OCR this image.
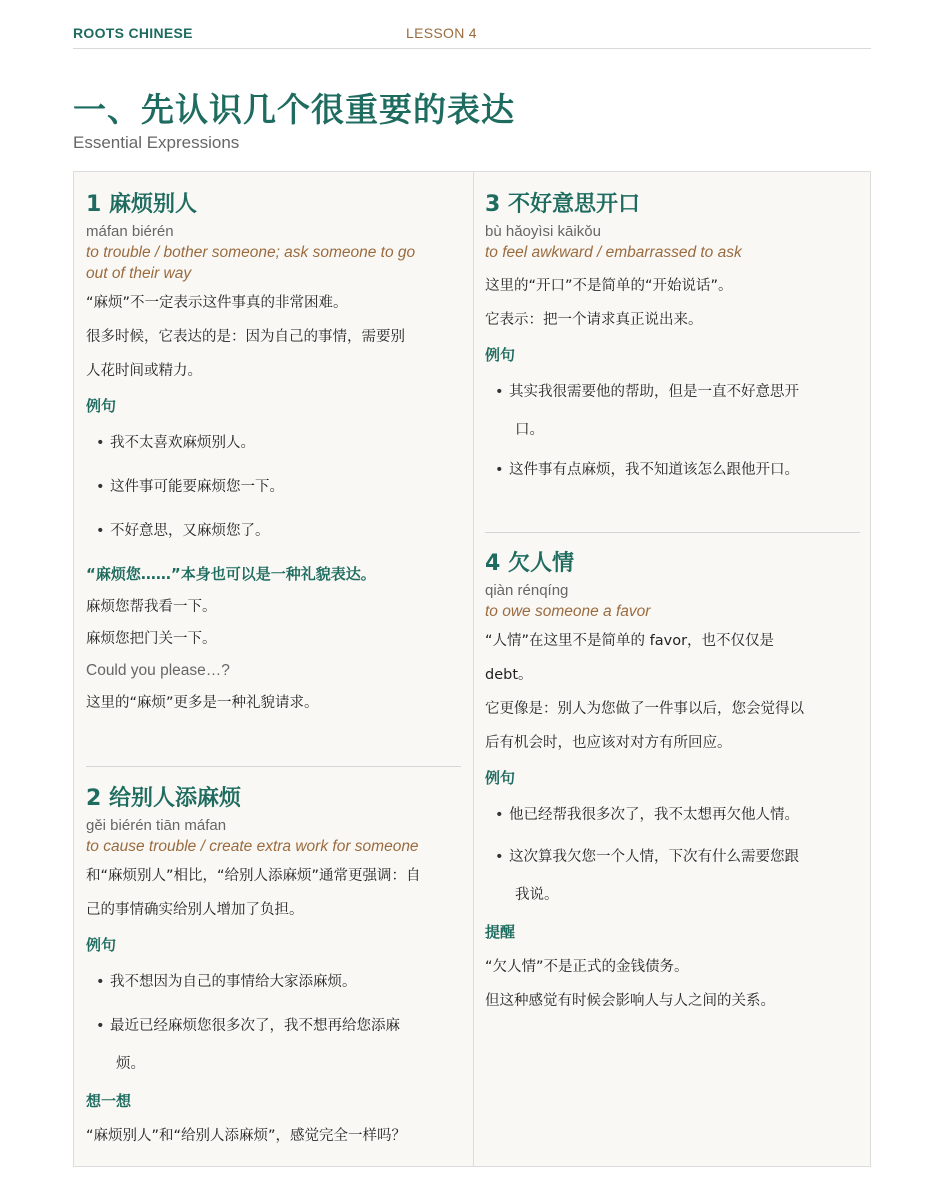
ROOTS CHINESE	LESSON 4
一、先认识几个很重要的表达
Essential Expressions
1 麻烦别人
máfan biérén
to trouble / bother someone; ask someone to go
out of their way
“麻烦”不一定表示这件事真的非常困难。
很多时候，它表达的是：因为自己的事情，需要别
人花时间或精力。
例句
• 我不太喜欢麻烦别人。
• 这件事可能要麻烦您一下。
• 不好意思，又麻烦您了。
“麻烦您……”本身也可以是一种礼貌表达。
麻烦您帮我看一下。
麻烦您把门关一下。
Could you please…?
这里的“麻烦”更多是一种礼貌请求。
2 给别人添麻烦
gěi biérén tiān máfan
to cause trouble / create extra work for someone
和“麻烦别人”相比，“给别人添麻烦”通常更强调：自
己的事情确实给别人增加了负担。
例句
• 我不想因为自己的事情给大家添麻烦。
• 最近已经麻烦您很多次了，我不想再给您添麻
烦。
想一想
“麻烦别人”和“给别人添麻烦”，感觉完全一样吗？
3 不好意思开口
bù hǎoyìsi kāikǒu
to feel awkward / embarrassed to ask
这里的“开口”不是简单的“开始说话”。
它表示：把一个请求真正说出来。
例句
• 其实我很需要他的帮助，但是一直不好意思开
口。
• 这件事有点麻烦，我不知道该怎么跟他开口。
4 欠人情
qiàn rénqíng
to owe someone a favor
“人情”在这里不是简单的 favor，也不仅仅是
debt。
它更像是：别人为您做了一件事以后，您会觉得以
后有机会时，也应该对对方有所回应。
例句
• 他已经帮我很多次了，我不太想再欠他人情。
• 这次算我欠您一个人情，下次有什么需要您跟
我说。
提醒
“欠人情”不是正式的金钱债务。
但这种感觉有时候会影响人与人之间的关系。
